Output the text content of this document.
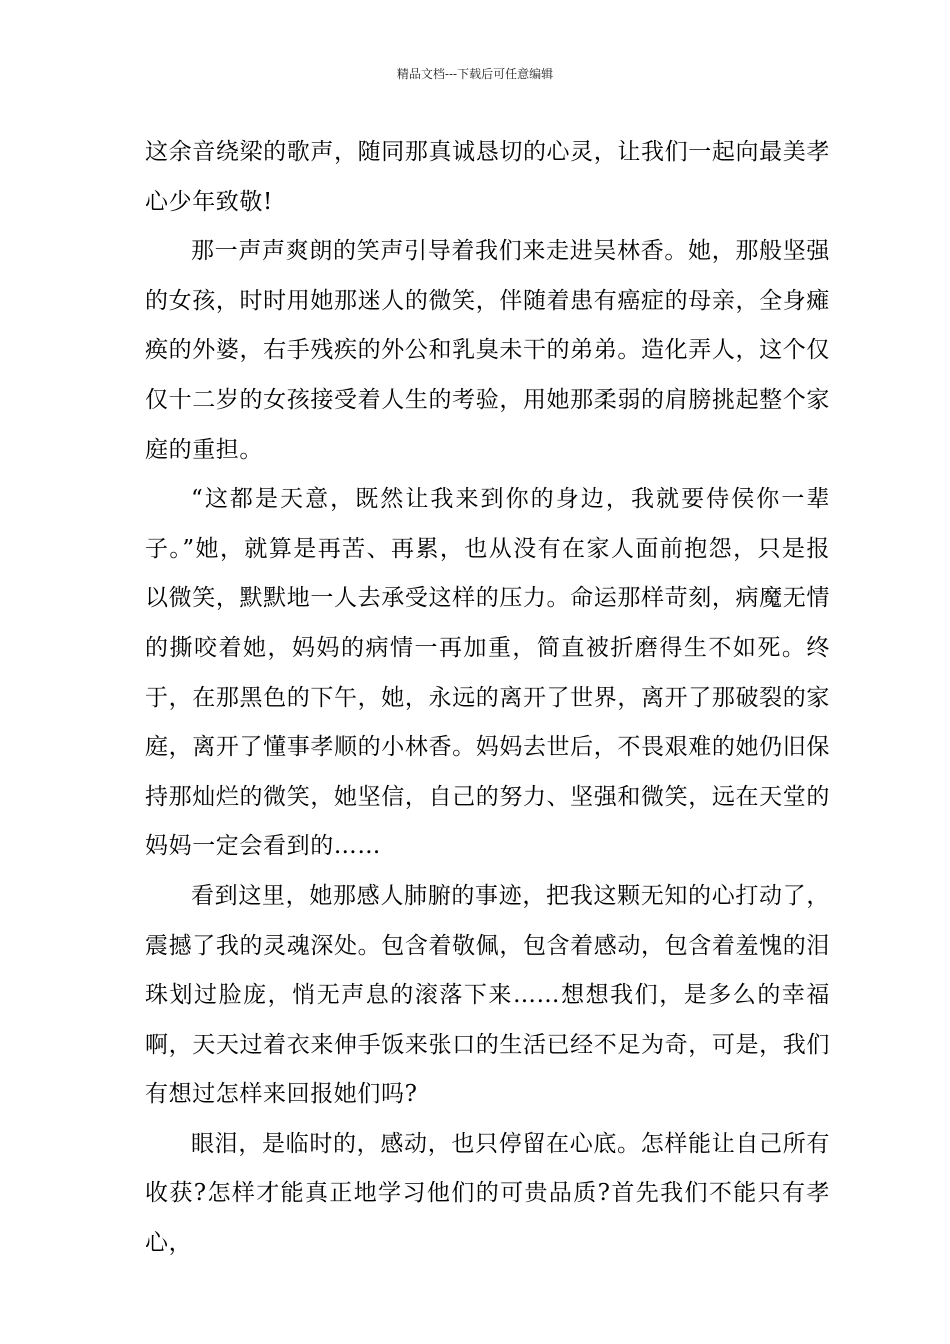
精品文档---下载后可任意编辑

这余音绕梁的歌声，随同那真诚恳切的心灵，让我们一起向最美孝心少年致敬!

那一声声爽朗的笑声引导着我们来走进吴林香。她，那般坚强的女孩，时时用她那迷人的微笑，伴随着患有癌症的母亲，全身瘫痪的外婆，右手残疾的外公和乳臭未干的弟弟。造化弄人，这个仅仅十二岁的女孩接受着人生的考验，用她那柔弱的肩膀挑起整个家庭的重担。

“这都是天意，既然让我来到你的身边，我就要侍侯你一辈子。”她，就算是再苦、再累，也从没有在家人面前抱怨，只是报以微笑，默默地一人去承受这样的压力。命运那样苛刻，病魔无情的撕咬着她，妈妈的病情一再加重，简直被折磨得生不如死。终于，在那黑色的下午，她，永远的离开了世界，离开了那破裂的家庭，离开了懂事孝顺的小林香。妈妈去世后，不畏艰难的她仍旧保持那灿烂的微笑，她坚信，自己的努力、坚强和微笑，远在天堂的妈妈一定会看到的……

看到这里，她那感人肺腑的事迹，把我这颗无知的心打动了，震撼了我的灵魂深处。包含着敬佩，包含着感动，包含着羞愧的泪珠划过脸庞，悄无声息的滚落下来……想想我们，是多么的幸福啊，天天过着衣来伸手饭来张口的生活已经不足为奇，可是，我们有想过怎样来回报她们吗?

眼泪，是临时的，感动，也只停留在心底。怎样能让自己所有收获?怎样才能真正地学习他们的可贵品质?首先我们不能只有孝心，
